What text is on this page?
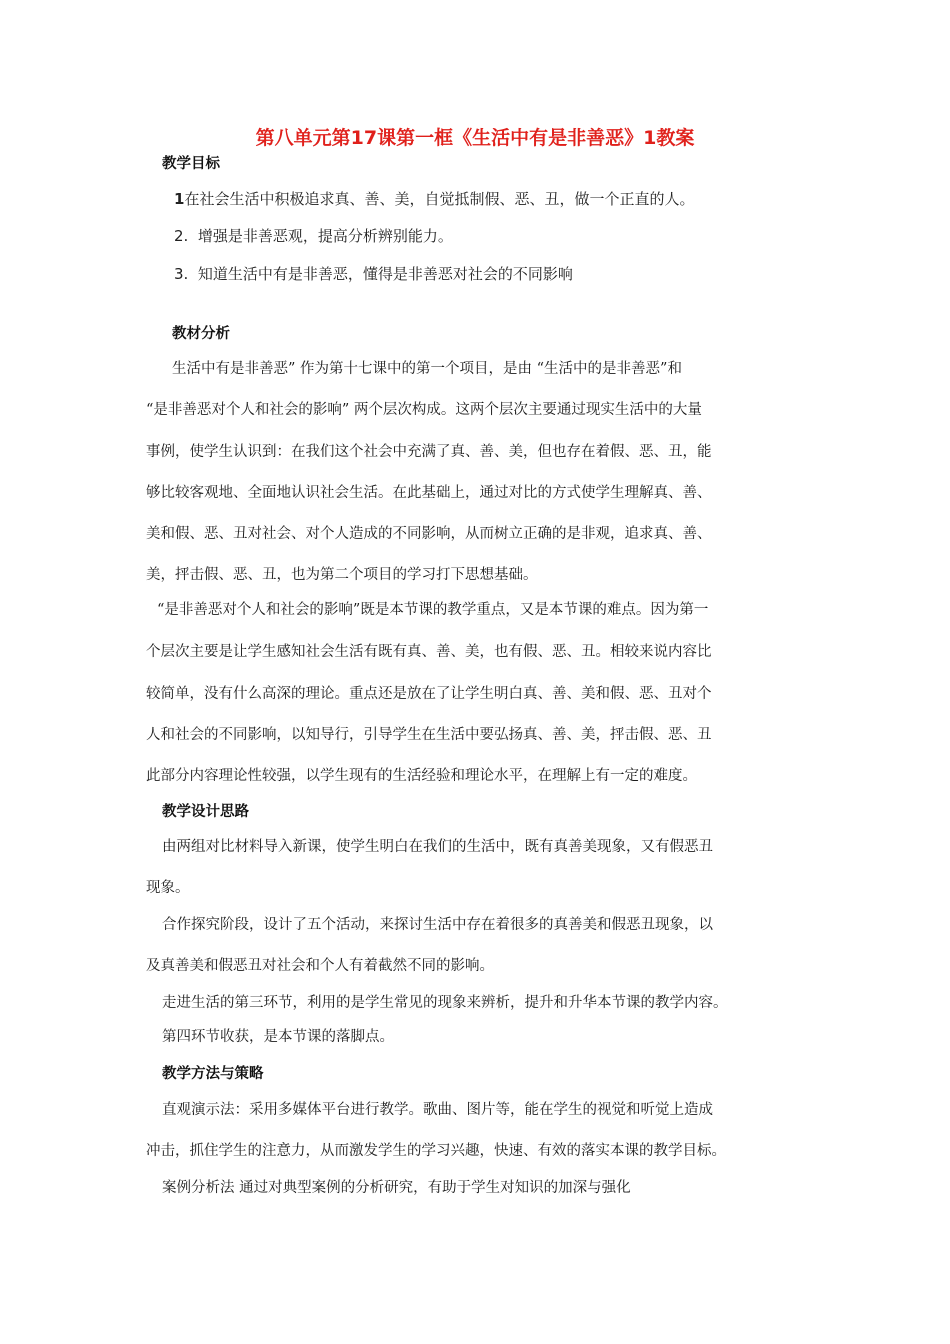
第八单元第17课第一框《生活中有是非善恶》1教案
教学目标
1在社会生活中积极追求真、善、美，自觉抵制假、恶、丑，做一个正直的人。
2. 增强是非善恶观，提高分析辨别能力。
3. 知道生活中有是非善恶，懂得是非善恶对社会的不同影响
教材分析
生活中有是非善恶” 作为第十七课中的第一个项目，是由 “生活中的是非善恶”和
“是非善恶对个人和社会的影响” 两个层次构成。这两个层次主要通过现实生活中的大量
事例，使学生认识到：在我们这个社会中充满了真、善、美，但也存在着假、恶、丑，能
够比较客观地、全面地认识社会生活。在此基础上，通过对比的方式使学生理解真、善、
美和假、恶、丑对社会、对个人造成的不同影响，从而树立正确的是非观，追求真、善、
美，抨击假、恶、丑，也为第二个项目的学习打下思想基础。
“是非善恶对个人和社会的影响”既是本节课的教学重点，又是本节课的难点。因为第一
个层次主要是让学生感知社会生活有既有真、善、美，也有假、恶、丑。相较来说内容比
较简单，没有什么高深的理论。重点还是放在了让学生明白真、善、美和假、恶、丑对个
人和社会的不同影响，以知导行，引导学生在生活中要弘扬真、善、美，抨击假、恶、丑
此部分内容理论性较强，以学生现有的生活经验和理论水平，在理解上有一定的难度。
教学设计思路
由两组对比材料导入新课，使学生明白在我们的生活中，既有真善美现象，又有假恶丑
现象。
合作探究阶段，设计了五个活动，来探讨生活中存在着很多的真善美和假恶丑现象，以
及真善美和假恶丑对社会和个人有着截然不同的影响。
走进生活的第三环节，利用的是学生常见的现象来辨析，提升和升华本节课的教学内容。
第四环节收获，是本节课的落脚点。
教学方法与策略
直观演示法：采用多媒体平台进行教学。歌曲、图片等，能在学生的视觉和听觉上造成
冲击，抓住学生的注意力，从而激发学生的学习兴趣，快速、有效的落实本课的教学目标。
案例分析法 通过对典型案例的分析研究，有助于学生对知识的加深与强化
